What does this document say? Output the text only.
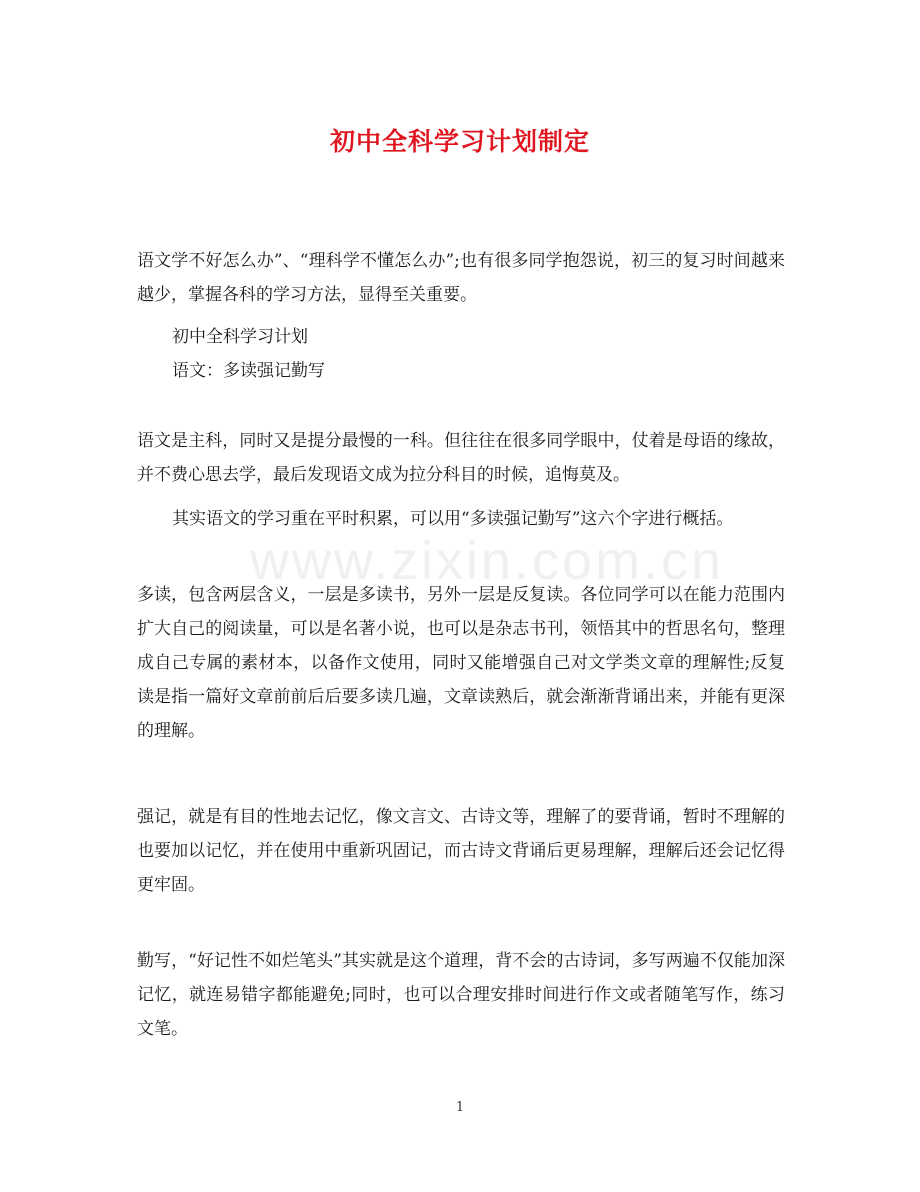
初中全科学习计划制定
www.zixin.com.cn

语文学不好怎么办”、“理科学不懂怎么办”;也有很多同学抱怨说，初三的复习时间越来越少，掌握各科的学习方法，显得至关重要。

初中全科学习计划

语文：多读强记勤写

语文是主科，同时又是提分最慢的一科。但往往在很多同学眼中，仗着是母语的缘故，并不费心思去学，最后发现语文成为拉分科目的时候，追悔莫及。

其实语文的学习重在平时积累，可以用“多读强记勤写”这六个字进行概括。

多读，包含两层含义，一层是多读书，另外一层是反复读。各位同学可以在能力范围内扩大自己的阅读量，可以是名著小说，也可以是杂志书刊，领悟其中的哲思名句，整理成自己专属的素材本，以备作文使用，同时又能增强自己对文学类文章的理解性;反复读是指一篇好文章前前后后要多读几遍，文章读熟后，就会渐渐背诵出来，并能有更深的理解。

强记，就是有目的性地去记忆，像文言文、古诗文等，理解了的要背诵，暂时不理解的也要加以记忆，并在使用中重新巩固记，而古诗文背诵后更易理解，理解后还会记忆得更牢固。

勤写，“好记性不如烂笔头”其实就是这个道理，背不会的古诗词，多写两遍不仅能加深记忆，就连易错字都能避免;同时，也可以合理安排时间进行作文或者随笔写作，练习文笔。

1
